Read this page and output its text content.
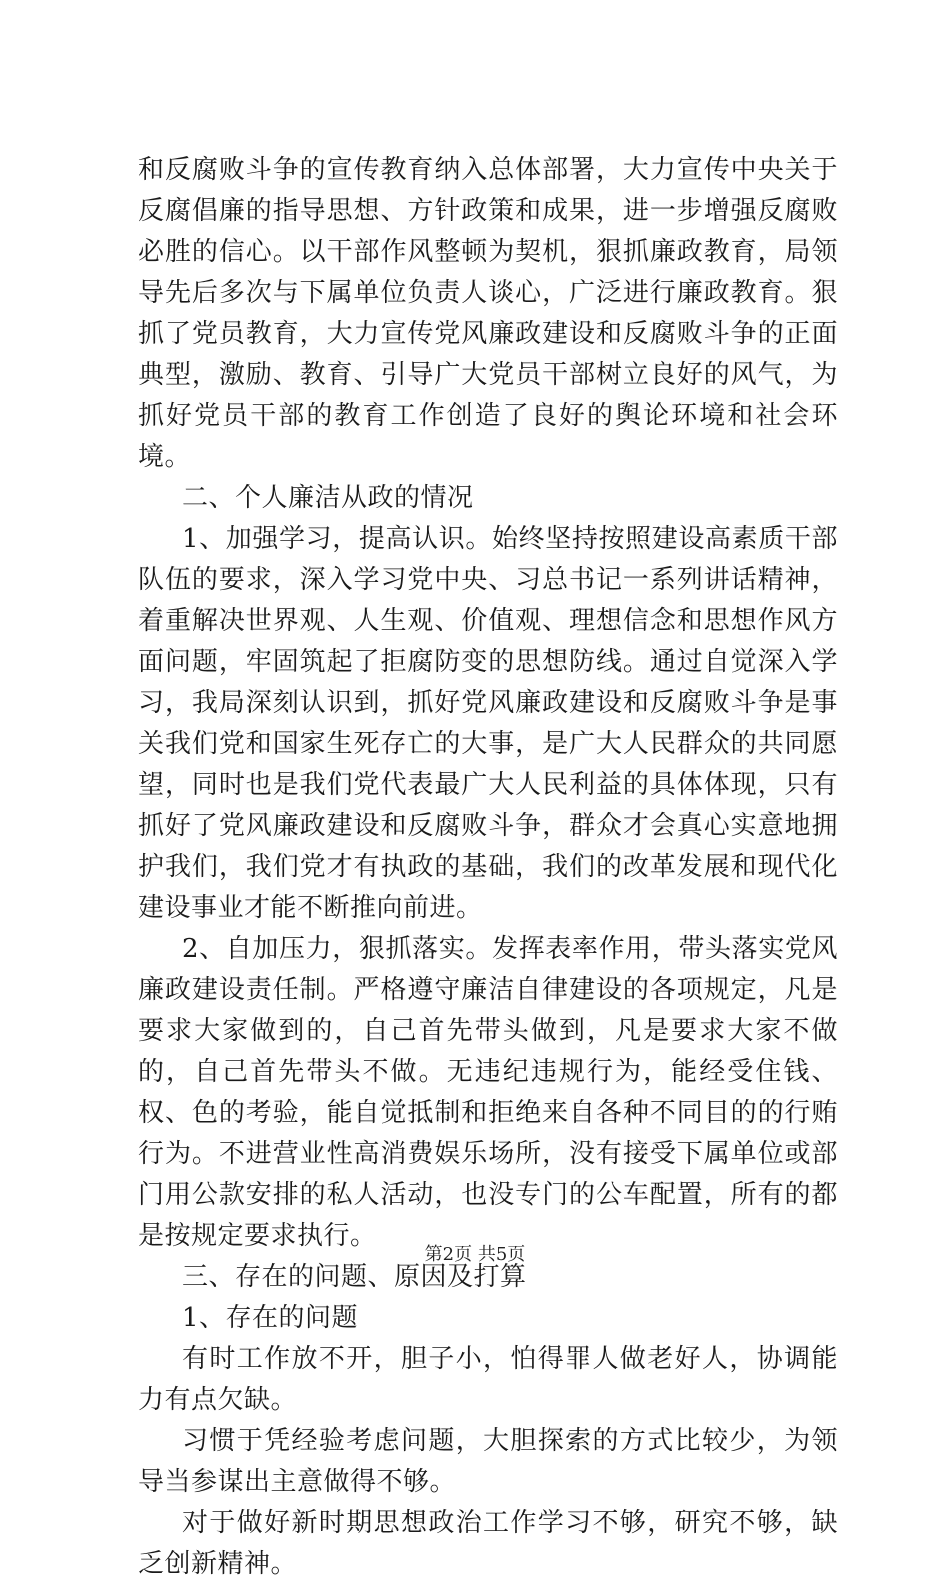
和反腐败斗争的宣传教育纳入总体部署，大力宣传中央关于反腐倡廉的指导思想、方针政策和成果，进一步增强反腐败必胜的信心。以干部作风整顿为契机，狠抓廉政教育，局领导先后多次与下属单位负责人谈心，广泛进行廉政教育。狠抓了党员教育，大力宣传党风廉政建设和反腐败斗争的正面典型，激励、教育、引导广大党员干部树立良好的风气，为抓好党员干部的教育工作创造了良好的舆论环境和社会环境。

二、个人廉洁从政的情况

1、加强学习，提高认识。始终坚持按照建设高素质干部队伍的要求，深入学习党中央、习总书记一系列讲话精神，着重解决世界观、人生观、价值观、理想信念和思想作风方面问题，牢固筑起了拒腐防变的思想防线。通过自觉深入学习，我局深刻认识到，抓好党风廉政建设和反腐败斗争是事关我们党和国家生死存亡的大事，是广大人民群众的共同愿望，同时也是我们党代表最广大人民利益的具体体现，只有抓好了党风廉政建设和反腐败斗争，群众才会真心实意地拥护我们，我们党才有执政的基础，我们的改革发展和现代化建设事业才能不断推向前进。

2、自加压力，狠抓落实。发挥表率作用，带头落实党风廉政建设责任制。严格遵守廉洁自律建设的各项规定，凡是要求大家做到的，自己首先带头做到，凡是要求大家不做的，自己首先带头不做。无违纪违规行为，能经受住钱、权、色的考验，能自觉抵制和拒绝来自各种不同目的的行贿行为。不进营业性高消费娱乐场所，没有接受下属单位或部门用公款安排的私人活动，也没专门的公车配置，所有的都是按规定要求执行。

三、存在的问题、原因及打算

1、存在的问题

有时工作放不开，胆子小，怕得罪人做老好人，协调能力有点欠缺。

习惯于凭经验考虑问题，大胆探索的方式比较少，为领导当参谋出主意做得不够。

对于做好新时期思想政治工作学习不够，研究不够，缺乏创新精神。

第2页 共5页
